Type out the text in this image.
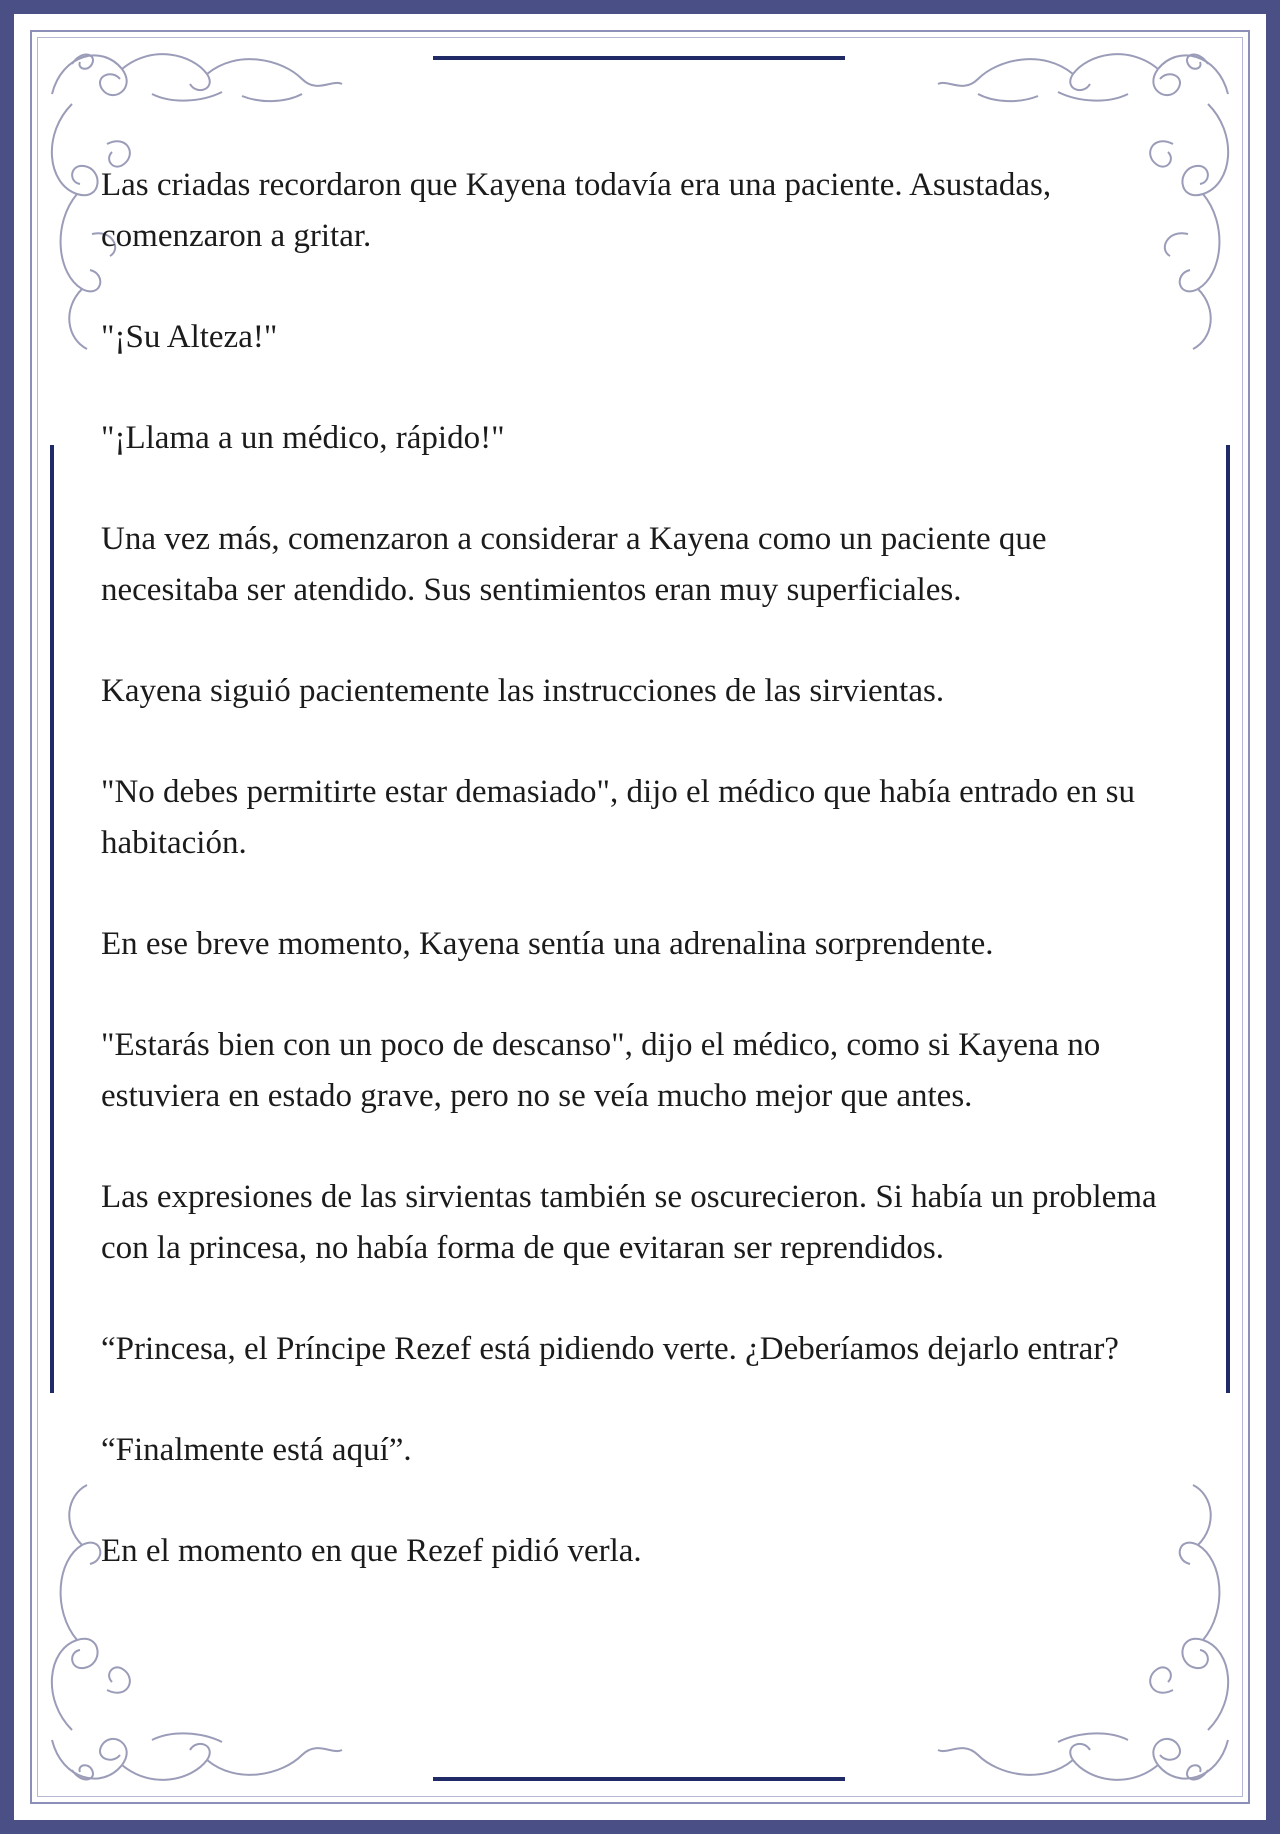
Las criadas recordaron que Kayena todavía era una paciente. Asustadas, comenzaron a gritar.

"¡Su Alteza!"

"¡Llama a un médico, rápido!"

Una vez más, comenzaron a considerar a Kayena como un paciente que necesitaba ser atendido. Sus sentimientos eran muy superficiales.

Kayena siguió pacientemente las instrucciones de las sirvientas.

"No debes permitirte estar demasiado", dijo el médico que había entrado en su habitación.

En ese breve momento, Kayena sentía una adrenalina sorprendente.

"Estarás bien con un poco de descanso", dijo el médico, como si Kayena no estuviera en estado grave, pero no se veía mucho mejor que antes.

Las expresiones de las sirvientas también se oscurecieron. Si había un problema con la princesa, no había forma de que evitaran ser reprendidos.

“Princesa, el Príncipe Rezef está pidiendo verte. ¿Deberíamos dejarlo entrar?

“Finalmente está aquí”.

En el momento en que Rezef pidió verla.
